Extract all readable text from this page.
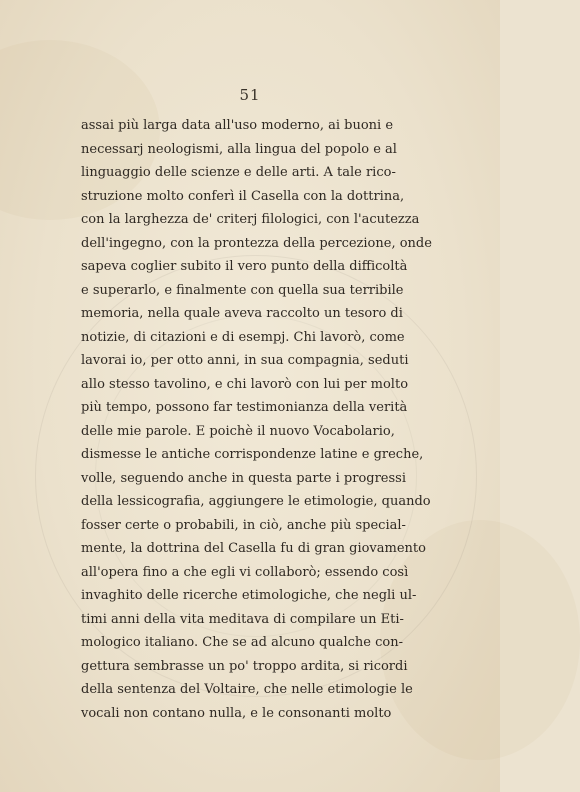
51
assai più larga data all'uso moderno, ai buoni e
necessarj neologismi, alla lingua del popolo e al
linguaggio delle scienze e delle arti. A tale rico-
struzione molto conferì il Casella con la dottrina,
con la larghezza de' criterj filologici, con l'acutezza
dell'ingegno, con la prontezza della percezione, onde
sapeva coglier subito il vero punto della difficoltà
e superarlo, e finalmente con quella sua terribile
memoria, nella quale aveva raccolto un tesoro di
notizie, di citazioni e di esempj. Chi lavorò, come
lavorai io, per otto anni, in sua compagnia, seduti
allo stesso tavolino, e chi lavorò con lui per molto
più tempo, possono far testimonianza della verità
delle mie parole. E poichè il nuovo Vocabolario,
dismesse le antiche corrispondenze latine e greche,
volle, seguendo anche in questa parte i progressi
della lessicografia, aggiungere le etimologie, quando
fosser certe o probabili, in ciò, anche più special-
mente, la dottrina del Casella fu di gran giovamento
all'opera fino a che egli vi collaborò; essendo così
invaghito delle ricerche etimologiche, che negli ul-
timi anni della vita meditava di compilare un Eti-
mologico italiano. Che se ad alcuno qualche con-
gettura sembrasse un po' troppo ardita, si ricordi
della sentenza del Voltaire, che nelle etimologie le
vocali non contano nulla, e le consonanti molto
